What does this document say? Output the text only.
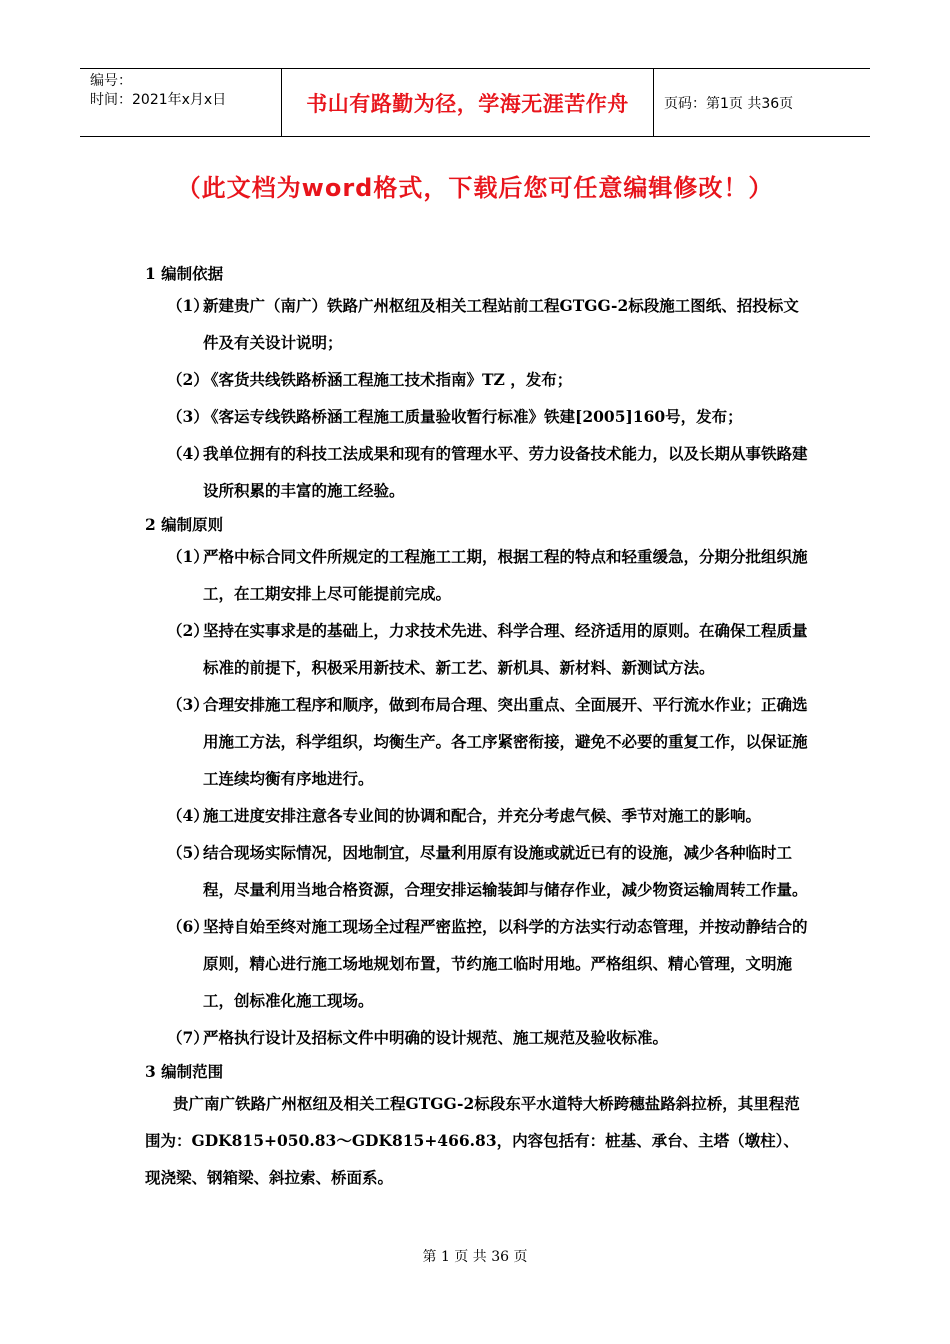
编号：
时间：2021年x月x日	书山有路勤为径，学海无涯苦作舟	页码：第1页 共36页
（此文档为word格式，下载后您可任意编辑修改！）
1 编制依据
（1）
新建贵广（南广）铁路广州枢纽及相关工程站前工程GTGG-2标段施工图纸、招投标文件及有关设计说明；
（2）
《客货共线铁路桥涵工程施工技术指南》TZ ，发布；
（3）
《客运专线铁路桥涵工程施工质量验收暂行标准》铁建[2005]160号，发布；
（4）
我单位拥有的科技工法成果和现有的管理水平、劳力设备技术能力，以及长期从事铁路建设所积累的丰富的施工经验。
2 编制原则
（1）
严格中标合同文件所规定的工程施工工期，根据工程的特点和轻重缓急，分期分批组织施工，在工期安排上尽可能提前完成。
（2）
坚持在实事求是的基础上，力求技术先进、科学合理、经济适用的原则。在确保工程质量标准的前提下，积极采用新技术、新工艺、新机具、新材料、新测试方法。
（3）
合理安排施工程序和顺序，做到布局合理、突出重点、全面展开、平行流水作业；正确选用施工方法，科学组织，均衡生产。各工序紧密衔接，避免不必要的重复工作，以保证施工连续均衡有序地进行。
（4）
施工进度安排注意各专业间的协调和配合，并充分考虑气候、季节对施工的影响。
（5）
结合现场实际情况，因地制宜，尽量利用原有设施或就近已有的设施，减少各种临时工程，尽量利用当地合格资源，合理安排运输装卸与储存作业，减少物资运输周转工作量。
（6）
坚持自始至终对施工现场全过程严密监控，以科学的方法实行动态管理，并按动静结合的原则，精心进行施工场地规划布置，节约施工临时用地。严格组织、精心管理，文明施工，创标准化施工现场。
（7）
严格执行设计及招标文件中明确的设计规范、施工规范及验收标准。
3 编制范围
贵广南广铁路广州枢纽及相关工程GTGG-2标段东平水道特大桥跨穗盐路斜拉桥，其里程范围为：GDK815+050.83～GDK815+466.83，内容包括有：桩基、承台、主塔（墩柱）、现浇梁、钢箱梁、斜拉索、桥面系。
第 1 页 共 36 页
